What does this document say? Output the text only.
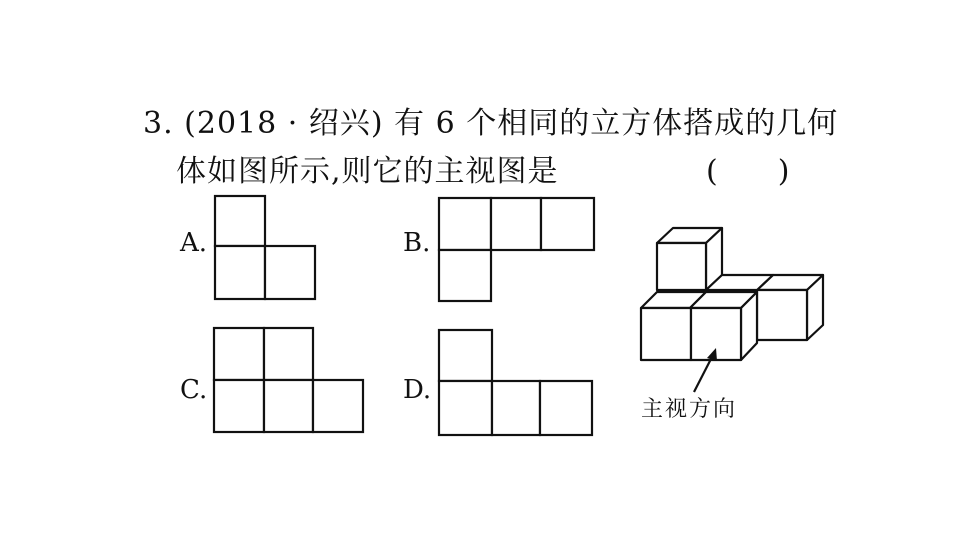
3. (2018 · 绍兴) 有 6 个相同的立方体搭成的几何
体如图所示,则它的主视图是	(　　)
A.	B.
C.	D.
主视方向
